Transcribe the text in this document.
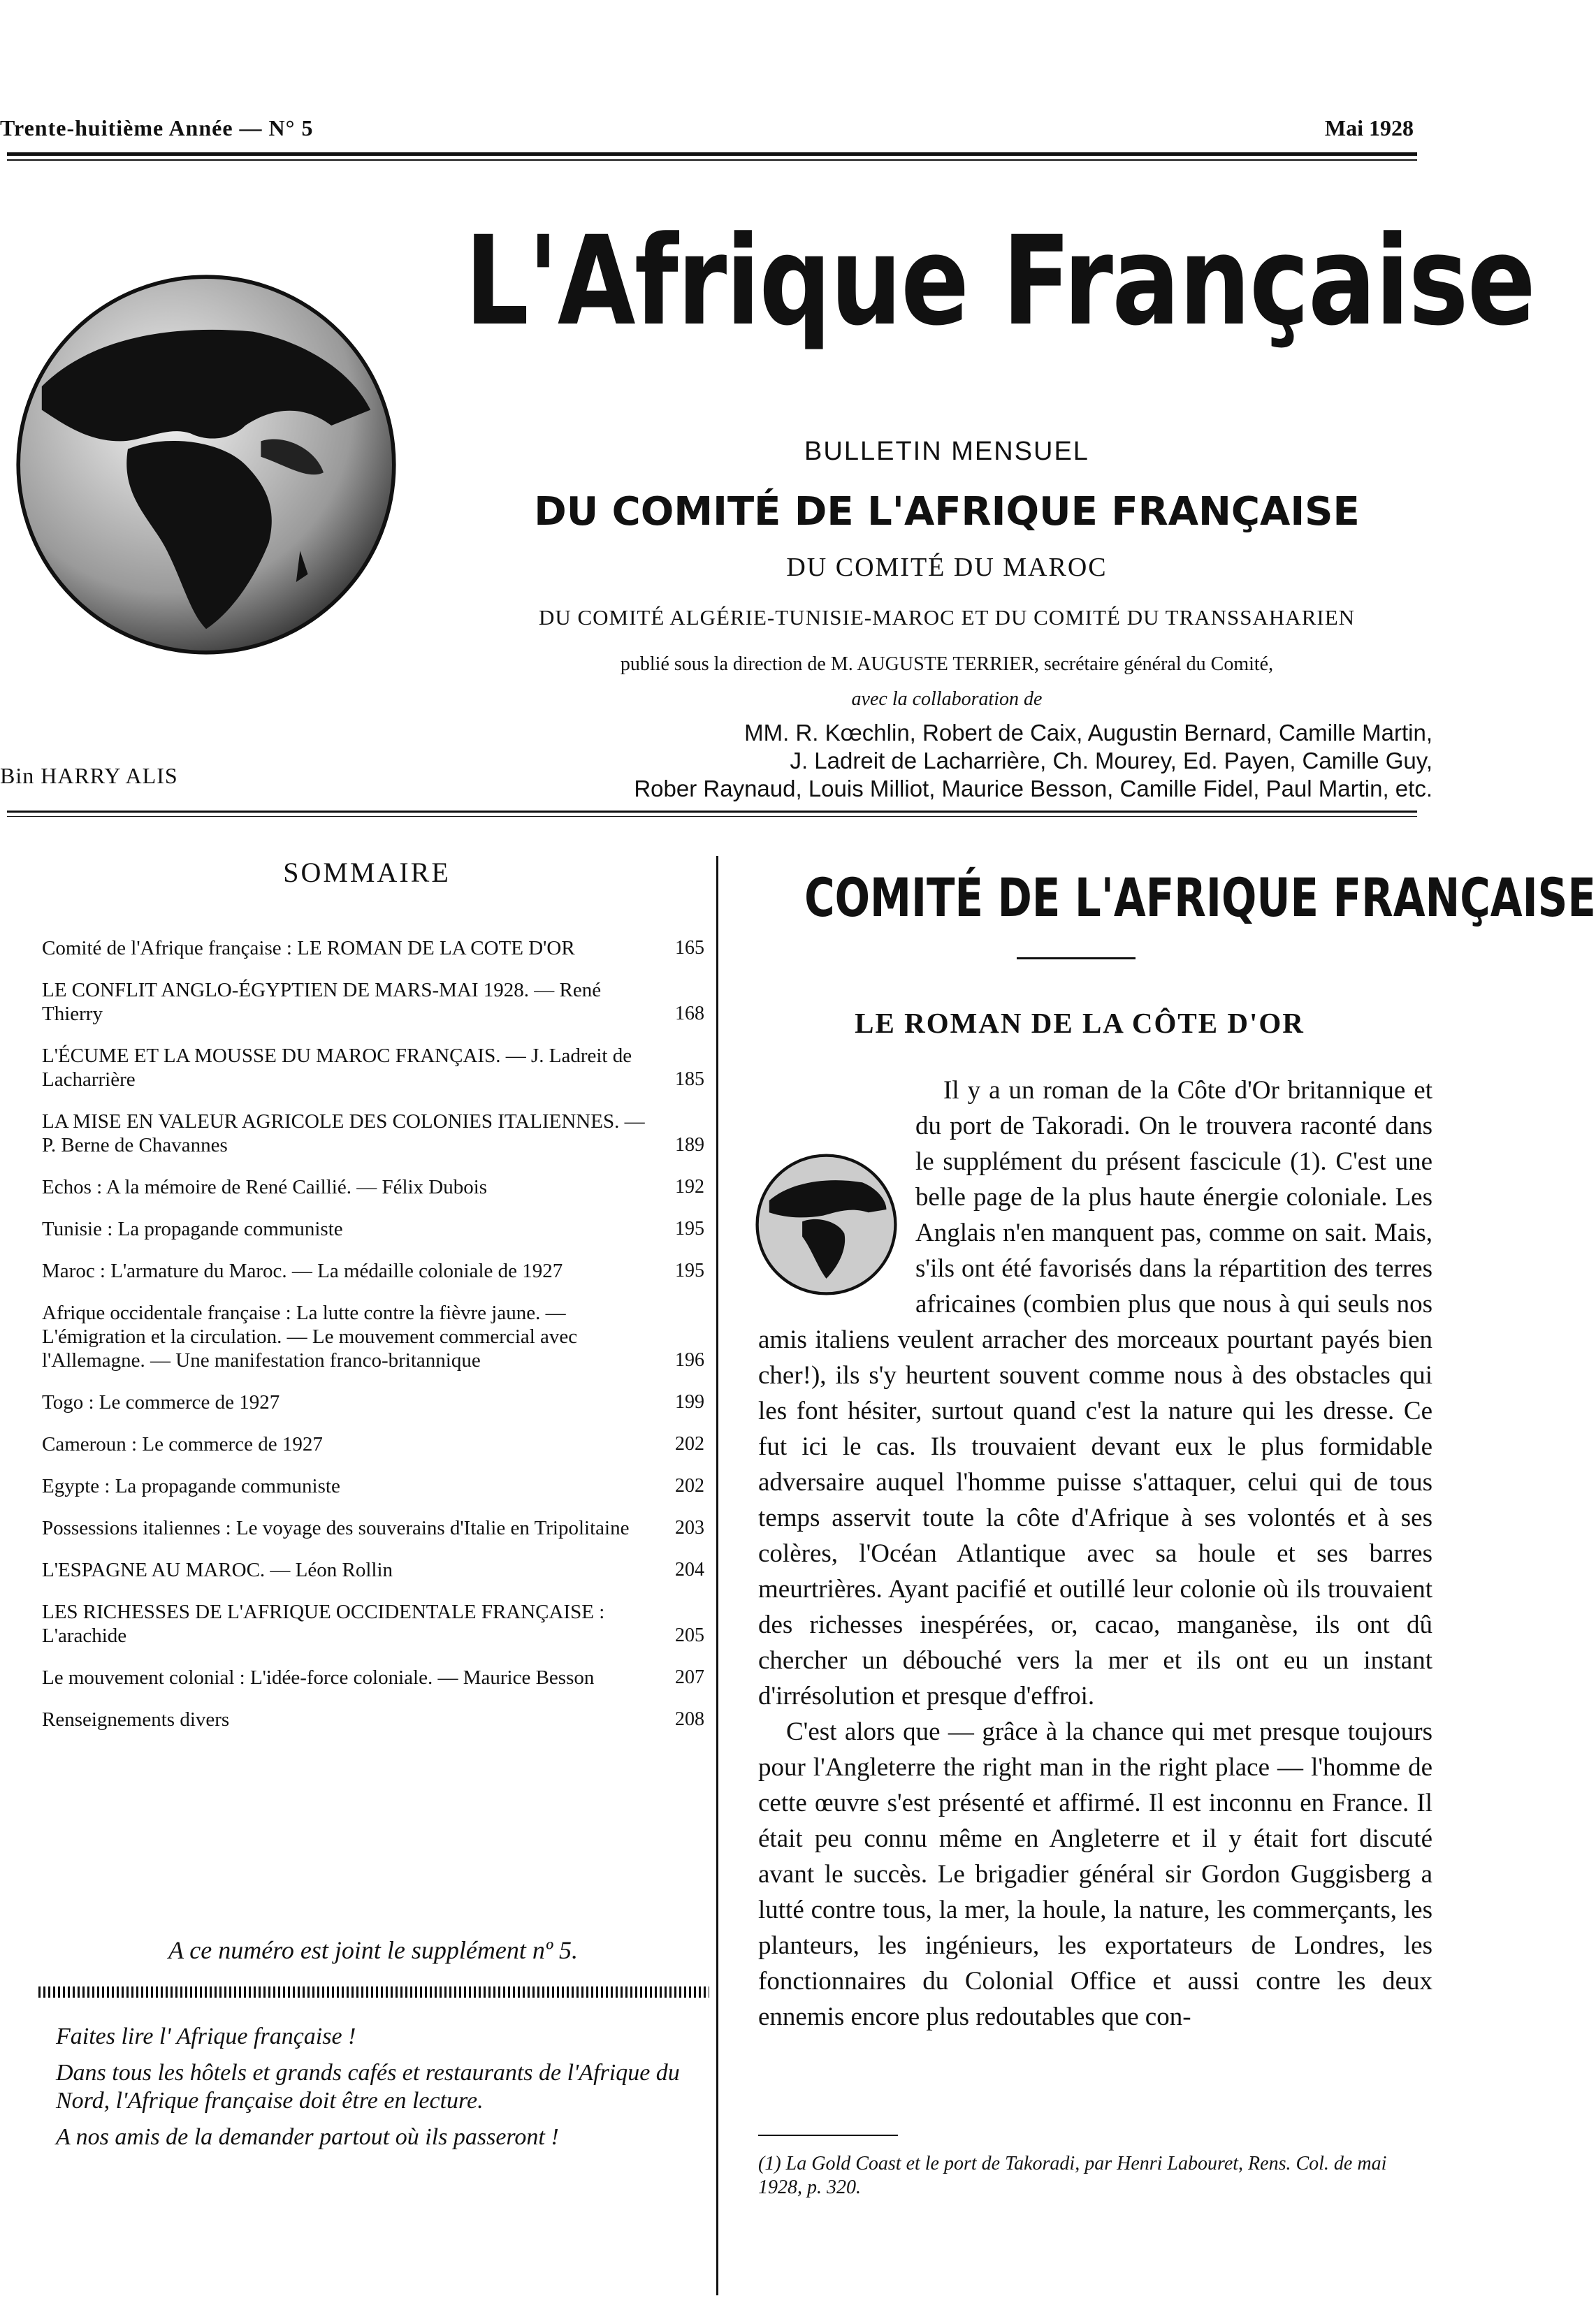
Trente-huitième Année — N° 5	Mai 1928
L'Afrique Française
Bin HARRY ALIS
BULLETIN MENSUEL
DU COMITÉ DE L'AFRIQUE FRANÇAISE
DU COMITÉ DU MAROC
DU COMITÉ ALGÉRIE-TUNISIE-MAROC ET DU COMITÉ DU TRANSSAHARIEN
publié sous la direction de M. AUGUSTE TERRIER, secrétaire général du Comité,
avec la collaboration de
MM. R. Kœchlin, Robert de Caix, Augustin Bernard, Camille Martin,
J. Ladreit de Lacharrière, Ch. Mourey, Ed. Payen, Camille Guy,
Rober Raynaud, Louis Milliot, Maurice Besson, Camille Fidel, Paul Martin, etc.
SOMMAIRE
Comité de l'Afrique française : LE ROMAN DE LA COTE D'OR	165
LE CONFLIT ANGLO-ÉGYPTIEN DE MARS-MAI 1928. — René Thierry	168
L'ÉCUME ET LA MOUSSE DU MAROC FRANÇAIS. — J. Ladreit de Lacharrière	185
LA MISE EN VALEUR AGRICOLE DES COLONIES ITALIENNES. — P. Berne de Chavannes	189
Echos : A la mémoire de René Caillié. — Félix Dubois	192
Tunisie : La propagande communiste	195
Maroc : L'armature du Maroc. — La médaille coloniale de 1927	195
Afrique occidentale française : La lutte contre la fièvre jaune. — L'émigration et la circulation. — Le mouvement commercial avec l'Allemagne. — Une manifestation franco-britannique	196
Togo : Le commerce de 1927	199
Cameroun : Le commerce de 1927	202
Egypte : La propagande communiste	202
Possessions italiennes : Le voyage des souverains d'Italie en Tripolitaine	203
L'ESPAGNE AU MAROC. — Léon Rollin	204
LES RICHESSES DE L'AFRIQUE OCCIDENTALE FRANÇAISE : L'arachide	205
Le mouvement colonial : L'idée-force coloniale. — Maurice Besson	207
Renseignements divers	208
A ce numéro est joint le supplément nº 5.

Faites lire l' Afrique française !

Dans tous les hôtels et grands cafés et restaurants de l'Afrique du Nord, l'Afrique française doit être en lecture.

A nos amis de la demander partout où ils passeront !

COMITÉ DE L'AFRIQUE FRANÇAISE
LE ROMAN DE LA CÔTE D'OR

Il y a un roman de la Côte d'Or britannique et du port de Takoradi. On le trouvera raconté dans le supplément du présent fascicule (1). C'est une belle page de la plus haute énergie coloniale. Les Anglais n'en manquent pas, comme on sait. Mais, s'ils ont été favorisés dans la répartition des terres africaines (combien plus que nous à qui seuls nos amis italiens veulent arracher des morceaux pourtant payés bien cher!), ils s'y heurtent souvent comme nous à des obstacles qui les font hésiter, surtout quand c'est la nature qui les dresse. Ce fut ici le cas. Ils trouvaient devant eux le plus formidable adversaire auquel l'homme puisse s'attaquer, celui qui de tous temps asservit toute la côte d'Afrique à ses volontés et à ses colères, l'Océan Atlantique avec sa houle et ses barres meurtrières. Ayant pacifié et outillé leur colonie où ils trouvaient des richesses inespérées, or, cacao, manganèse, ils ont dû chercher un débouché vers la mer et ils ont eu un instant d'irrésolution et presque d'effroi.

C'est alors que — grâce à la chance qui met presque toujours pour l'Angleterre the right man in the right place — l'homme de cette œuvre s'est présenté et affirmé. Il est inconnu en France. Il était peu connu même en Angleterre et il y était fort discuté avant le succès. Le brigadier général sir Gordon Guggisberg a lutté contre tous, la mer, la houle, la nature, les commerçants, les planteurs, les ingénieurs, les exportateurs de Londres, les fonctionnaires du Colonial Office et aussi contre les deux ennemis encore plus redoutables que con-

(1) La Gold Coast et le port de Takoradi, par Henri Labouret, Rens. Col. de mai 1928, p. 320.
